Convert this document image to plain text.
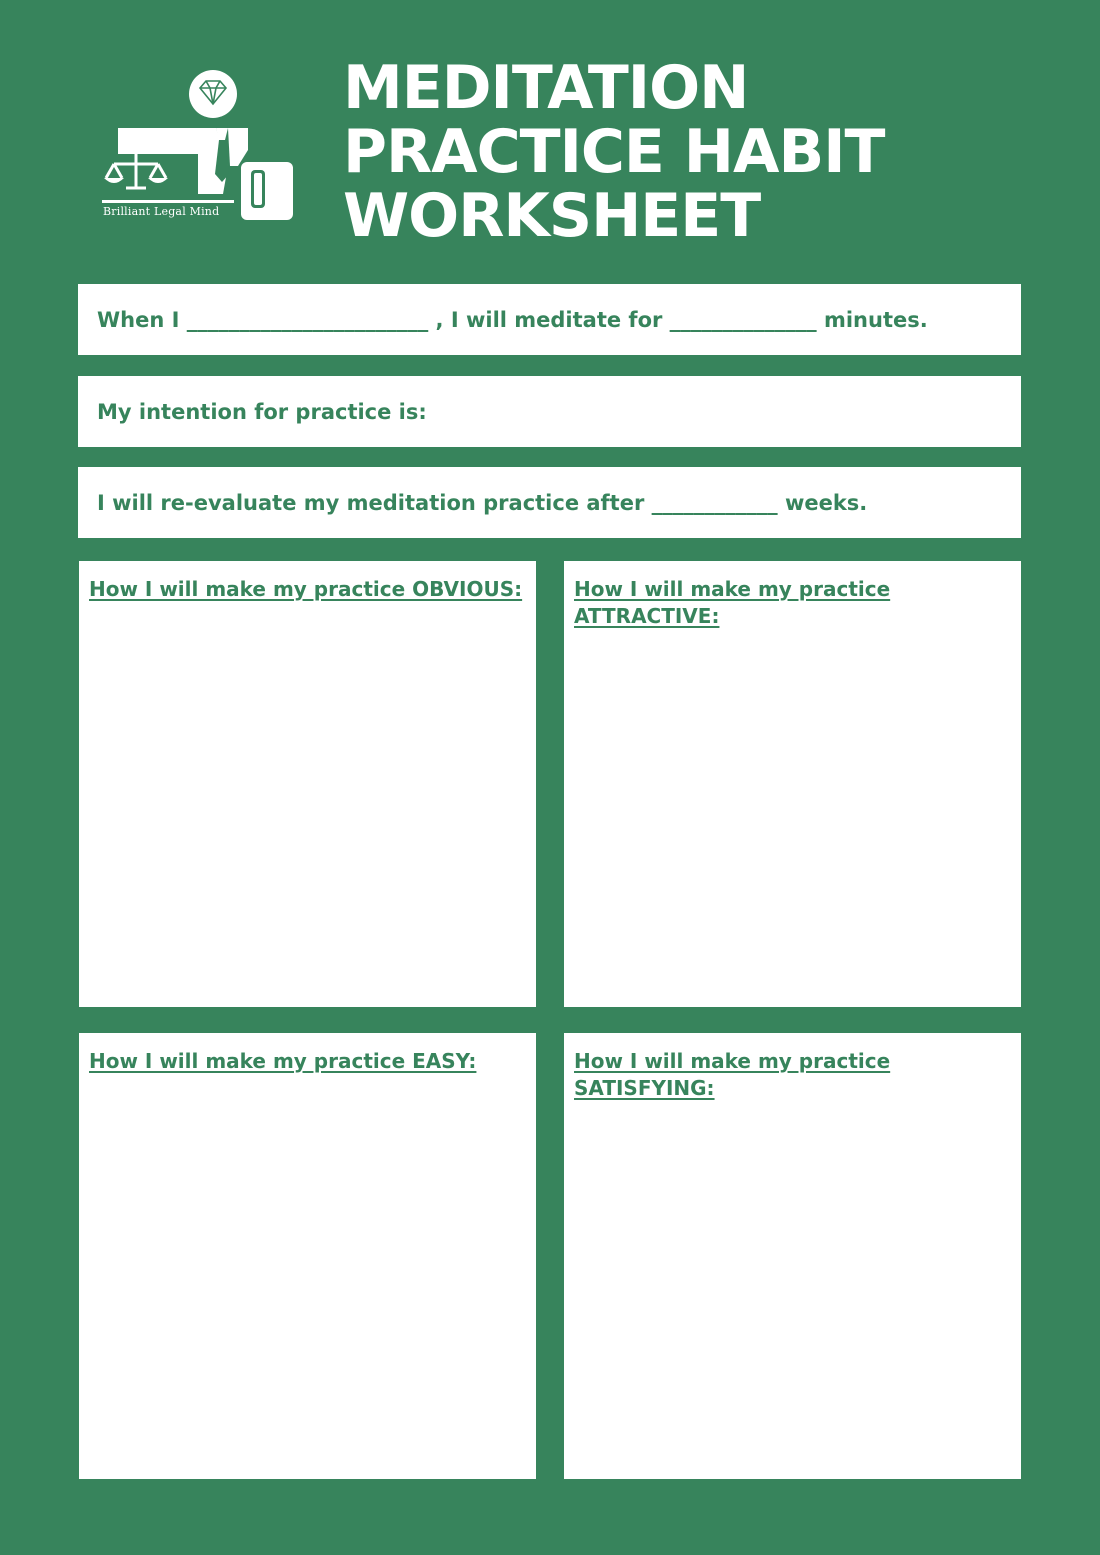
Brilliant Legal Mind
MEDITATION
PRACTICE HABIT
WORKSHEET
When I _______________________ , I will meditate for ______________ minutes.
My intention for practice is:
I will re-evaluate my meditation practice after ____________ weeks.
How I will make my practice OBVIOUS:	How I will make my practice
ATTRACTIVE:
How I will make my practice EASY:	How I will make my practice
SATISFYING:
